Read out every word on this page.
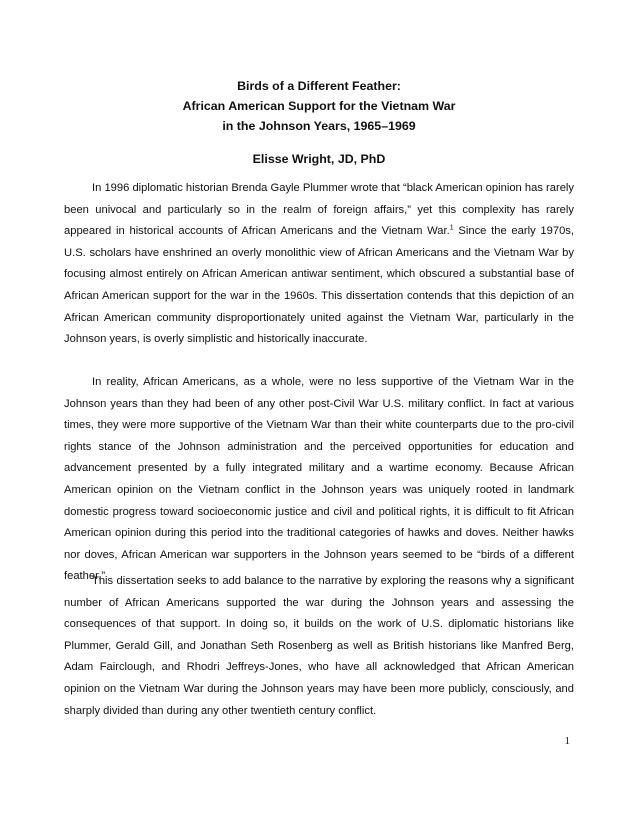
Birds of a Different Feather:
African American Support for the Vietnam War
in the Johnson Years, 1965–1969
Elisse Wright, JD, PhD

In 1996 diplomatic historian Brenda Gayle Plummer wrote that “black American opinion has rarely been univocal and particularly so in the realm of foreign affairs,” yet this complexity has rarely appeared in historical accounts of African Americans and the Vietnam War.$^1$ Since the early 1970s, U.S. scholars have enshrined an overly monolithic view of African Americans and the Vietnam War by focusing almost entirely on African American antiwar sentiment, which obscured a substantial base of African American support for the war in the 1960s. This dissertation contends that this depiction of an African American community disproportionately united against the Vietnam War, particularly in the Johnson years, is overly simplistic and historically inaccurate.

In reality, African Americans, as a whole, were no less supportive of the Vietnam War in the Johnson years than they had been of any other post-Civil War U.S. military conflict. In fact at various times, they were more supportive of the Vietnam War than their white counterparts due to the pro-civil rights stance of the Johnson administration and the perceived opportunities for education and advancement presented by a fully integrated military and a wartime economy. Because African American opinion on the Vietnam conflict in the Johnson years was uniquely rooted in landmark domestic progress toward socioeconomic justice and civil and political rights, it is difficult to fit African American opinion during this period into the traditional categories of hawks and doves. Neither hawks nor doves, African American war supporters in the Johnson years seemed to be “birds of a different feather.”

This dissertation seeks to add balance to the narrative by exploring the reasons why a significant number of African Americans supported the war during the Johnson years and assessing the consequences of that support. In doing so, it builds on the work of U.S. diplomatic historians like Plummer, Gerald Gill, and Jonathan Seth Rosenberg as well as British historians like Manfred Berg, Adam Fairclough, and Rhodri Jeffreys-Jones, who have all acknowledged that African American opinion on the Vietnam War during the Johnson years may have been more publicly, consciously, and sharply divided than during any other twentieth century conflict.

1
